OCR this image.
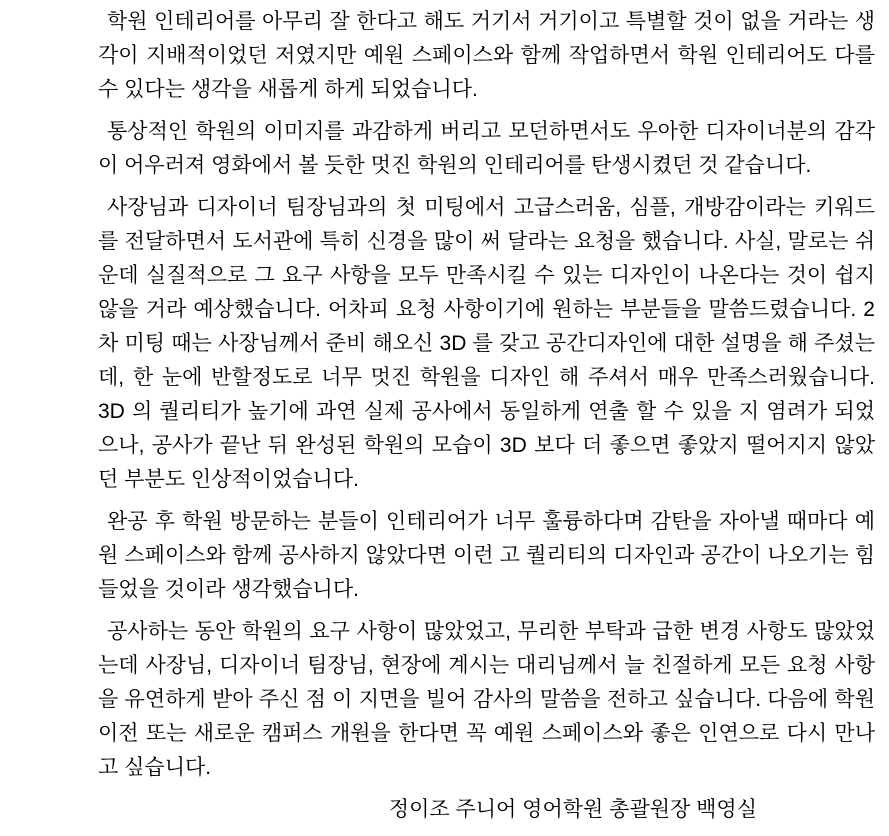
학원 인테리어를 아무리 잘 한다고 해도 거기서 거기이고 특별할 것이 없을 거라는 생각이 지배적이었던 저였지만 예원 스페이스와 함께 작업하면서 학원 인테리어도 다를 수 있다는 생각을 새롭게 하게 되었습니다.

통상적인 학원의 이미지를 과감하게 버리고 모던하면서도 우아한 디자이너분의 감각이 어우러져 영화에서 볼 듯한 멋진 학원의 인테리어를 탄생시켰던 것 같습니다.

사장님과 디자이너 팀장님과의 첫 미팅에서 고급스러움, 심플, 개방감이라는 키워드를 전달하면서 도서관에 특히 신경을 많이 써 달라는 요청을 했습니다. 사실, 말로는 쉬운데 실질적으로 그 요구 사항을 모두 만족시킬 수 있는 디자인이 나온다는 것이 쉽지 않을 거라 예상했습니다. 어차피 요청 사항이기에 원하는 부분들을 말씀드렸습니다. 2차 미팅 때는 사장님께서 준비 해오신 3D 를 갖고 공간디자인에 대한 설명을 해 주셨는데, 한 눈에 반할정도로 너무 멋진 학원을 디자인 해 주셔서 매우 만족스러웠습니다. 3D 의 퀄리티가 높기에 과연 실제 공사에서 동일하게 연출 할 수 있을 지 염려가 되었으나, 공사가 끝난 뒤 완성된 학원의 모습이 3D 보다 더 좋으면 좋았지 떨어지지 않았던 부분도 인상적이었습니다.

완공 후 학원 방문하는 분들이 인테리어가 너무 훌륭하다며 감탄을 자아낼 때마다 예원 스페이스와 함께 공사하지 않았다면 이런 고 퀄리티의 디자인과 공간이 나오기는 힘들었을 것이라 생각했습니다.

공사하는 동안 학원의 요구 사항이 많았었고, 무리한 부탁과 급한 변경 사항도 많았었는데 사장님, 디자이너 팀장님, 현장에 계시는 대리님께서 늘 친절하게 모든 요청 사항을 유연하게 받아 주신 점 이 지면을 빌어 감사의 말씀을 전하고 싶습니다. 다음에 학원 이전 또는 새로운 캠퍼스 개원을 한다면 꼭 예원 스페이스와 좋은 인연으로 다시 만나고 싶습니다.

정이조 주니어 영어학원 총괄원장 백영실
